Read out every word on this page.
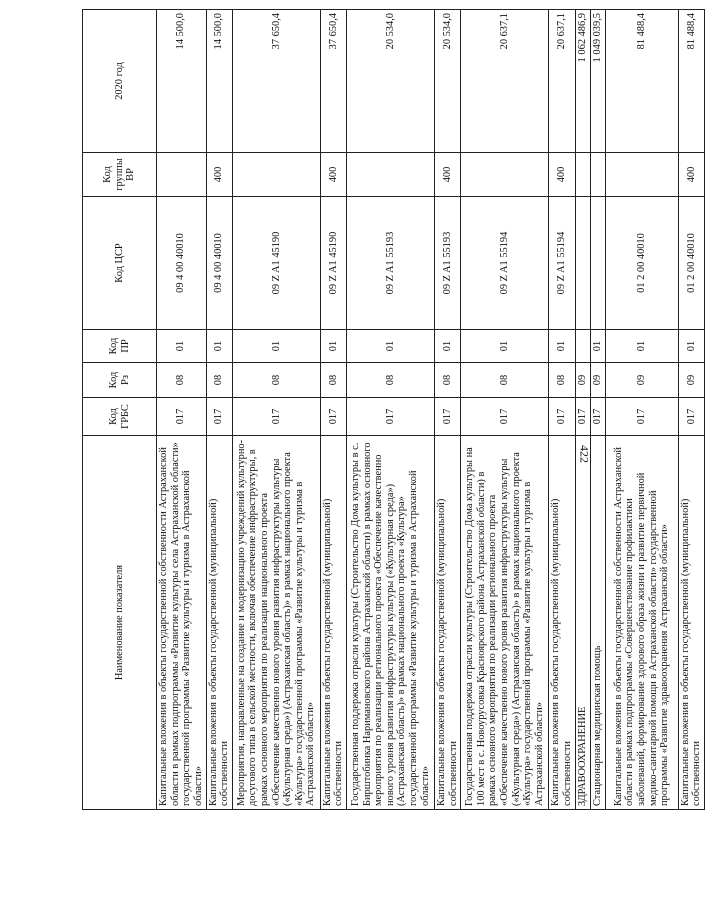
422
Наименование показателя	Код ГРБС	Код Рз	Код ПР	Код ЦСР	Код группы ВР	2020 год
Капитальные вложения в объекты государственной собственности Астраханской области в рамках подпрограммы «Развитие культуры села Астраханской области» государственной программы «Развитие культуры и туризма в Астраханской области»	017	08	01	09 4 00 40010		14 500,0
Капитальные вложения в объекты государственной (муниципальной) собственности	017	08	01	09 4 00 40010	400	14 500,0
Мероприятия, направленные на создание и модернизацию учреждений культурно-досугового типа в сельской местности, включая обеспечение инфраструктуры, в рамках основного мероприятия по реализации национального проекта «Обеспечение качественно нового уровня развития инфраструктуры культуры («Культурная среда») (Астраханская область)» в рамках национального проекта «Культура» государственной программы «Развитие культуры и туризма в Астраханской области»	017	08	01	09 Z A1 45190		37 650,4
Капитальные вложения в объекты государственной (муниципальной) собственности	017	08	01	09 Z A1 45190	400	37 650,4
Государственная поддержка отрасли культуры (Строительство Дома культуры в с. Бирштобинка Наримановского района Астраханской области) в рамках основного мероприятия по реализации регионального проекта «Обеспечение качественно нового уровня развития инфраструктуры культуры («Культурная среда») (Астраханская область)» в рамках национального проекта «Культура» государственной программы «Развитие культуры и туризма в Астраханской области»	017	08	01	09 Z A1 55193		20 534,0
Капитальные вложения в объекты государственной (муниципальной) собственности	017	08	01	09 Z A1 55193	400	20 534,0
Государственная поддержка отрасли культуры (Строительство Дома культуры на 100 мест в с. Новоурусовка Красноярского района Астраханской области) в рамках основного мероприятия по реализации регионального проекта «Обеспечение качественно нового уровня развития инфраструктуры культуры («Культурная среда») (Астраханская область)» в рамках национального проекта «Культура» государственной программы «Развитие культуры и туризма в Астраханской области»	017	08	01	09 Z A1 55194		20 637,1
Капитальные вложения в объекты государственной (муниципальной) собственности	017	08	01	09 Z A1 55194	400	20 637,1
ЗДРАВООХРАНЕНИЕ	017	09				1 062 486,9
Стационарная медицинская помощь	017	09	01			1 049 039,5
Капитальные вложения в объекты государственной собственности Астраханской области в рамках подпрограммы «Совершенствование профилактики заболеваний, формирование здорового образа жизни и развитие первичной медико-санитарной помощи в Астраханской области» государственной программы «Развитие здравоохранения Астраханской области»	017	09	01	01 2 00 40010		81 488,4
Капитальные вложения в объекты государственной (муниципальной) собственности	017	09	01	01 2 00 40010	400	81 488,4
